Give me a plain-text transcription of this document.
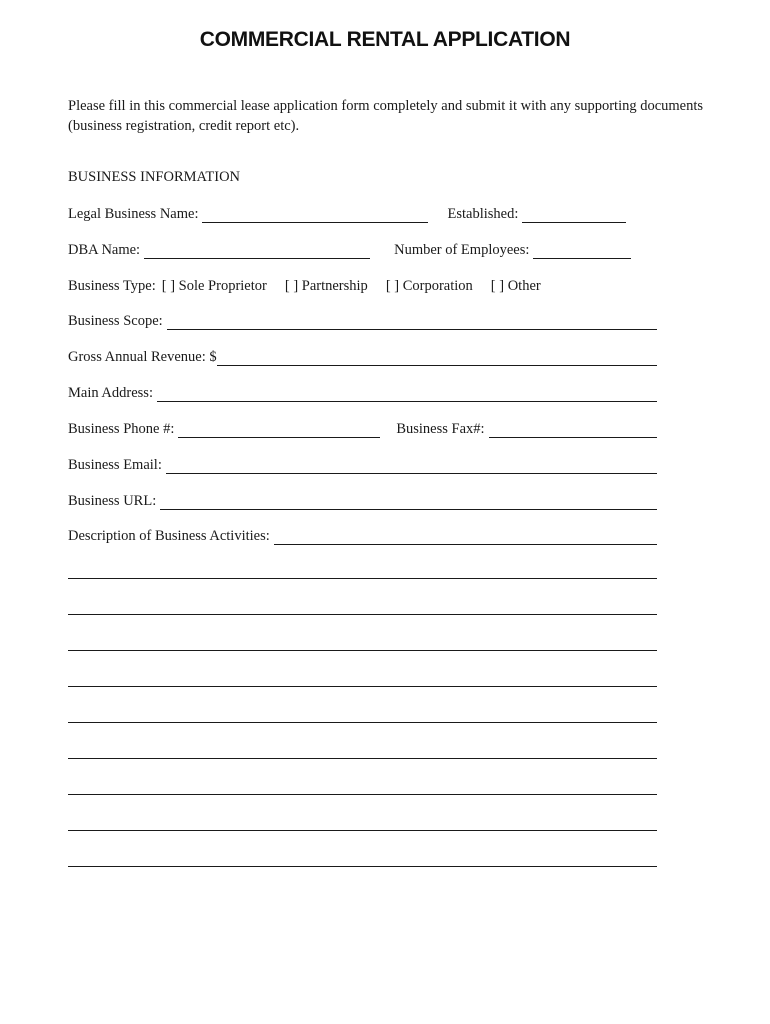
COMMERCIAL RENTAL APPLICATION
Please fill in this commercial lease application form completely and submit it with any supporting documents (business registration, credit report etc).
BUSINESS INFORMATION
Legal Business Name:	Established:
DBA Name:	Number of Employees:
Business Type: [ ] Sole Proprietor [ ] Partnership [ ] Corporation [ ] Other
Business Scope:
Gross Annual Revenue: $
Main Address:
Business Phone #:	Business Fax#:
Business Email:
Business URL:
Description of Business Activities:
